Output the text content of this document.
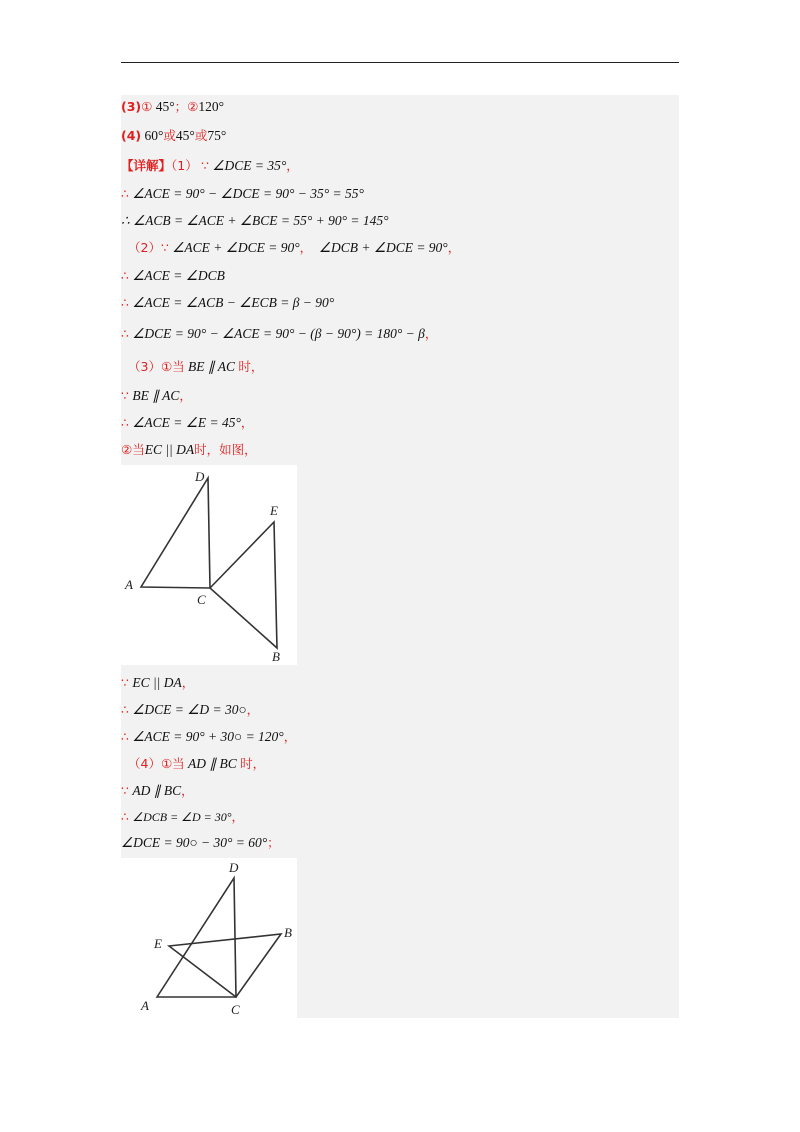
(3)① 45°；②120°
(4) 60°或45°或75°
【详解】（1） ∵ ∠DCE = 35°，
∴ ∠ACE = 90° − ∠DCE = 90° − 35° = 55°
∴ ∠ACB = ∠ACE + ∠BCE = 55° + 90° = 145°
（2）∵ ∠ACE + ∠DCE = 90°， ∠DCB + ∠DCE = 90°，
∴ ∠ACE = ∠DCB
∴ ∠ACE = ∠ACB − ∠ECB = β − 90°
∴ ∠DCE = 90° − ∠ACE = 90° − (β − 90°) = 180° − β，
（3）①当 BE ∥ AC 时，
∵ BE ∥ AC，
∴ ∠ACE = ∠E = 45°，
②当EC || DA时，如图，
A
D
C
E
B
∵ EC || DA，
∴ ∠DCE = ∠D = 30○，
∴ ∠ACE = 90° + 30○ = 120°，
（4）①当 AD ∥ BC 时，
∵ AD ∥ BC，
∴ ∠DCB = ∠D = 30°，
∠DCE = 90○ − 30° = 60°；
A
D
C
E
B
